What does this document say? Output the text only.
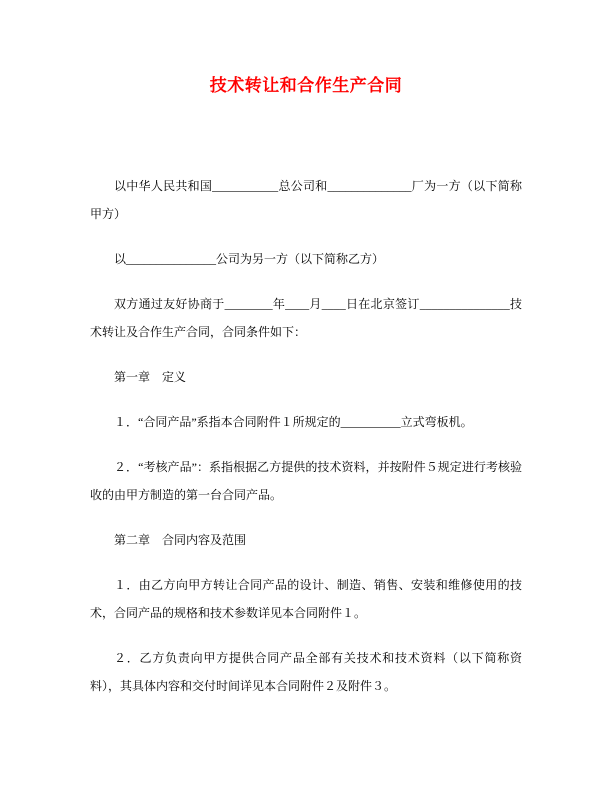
技术转让和合作生产合同

以中华人民共和国___________总公司和______________厂为一方（以下简称甲方）

以_______________公司为另一方（以下简称乙方）

双方通过友好协商于________年____月____日在北京签订_______________技术转让及合作生产合同，合同条件如下：

第一章　定义

１．“合同产品”系指本合同附件１所规定的__________立式弯板机。

２．“考核产品”：系指根据乙方提供的技术资料，并按附件５规定进行考核验收的由甲方制造的第一台合同产品。

第二章　合同内容及范围

１．由乙方向甲方转让合同产品的设计、制造、销售、安装和维修使用的技术，合同产品的规格和技术参数详见本合同附件１。

２．乙方负责向甲方提供合同产品全部有关技术和技术资料（以下简称资料），其具体内容和交付时间详见本合同附件２及附件３。
